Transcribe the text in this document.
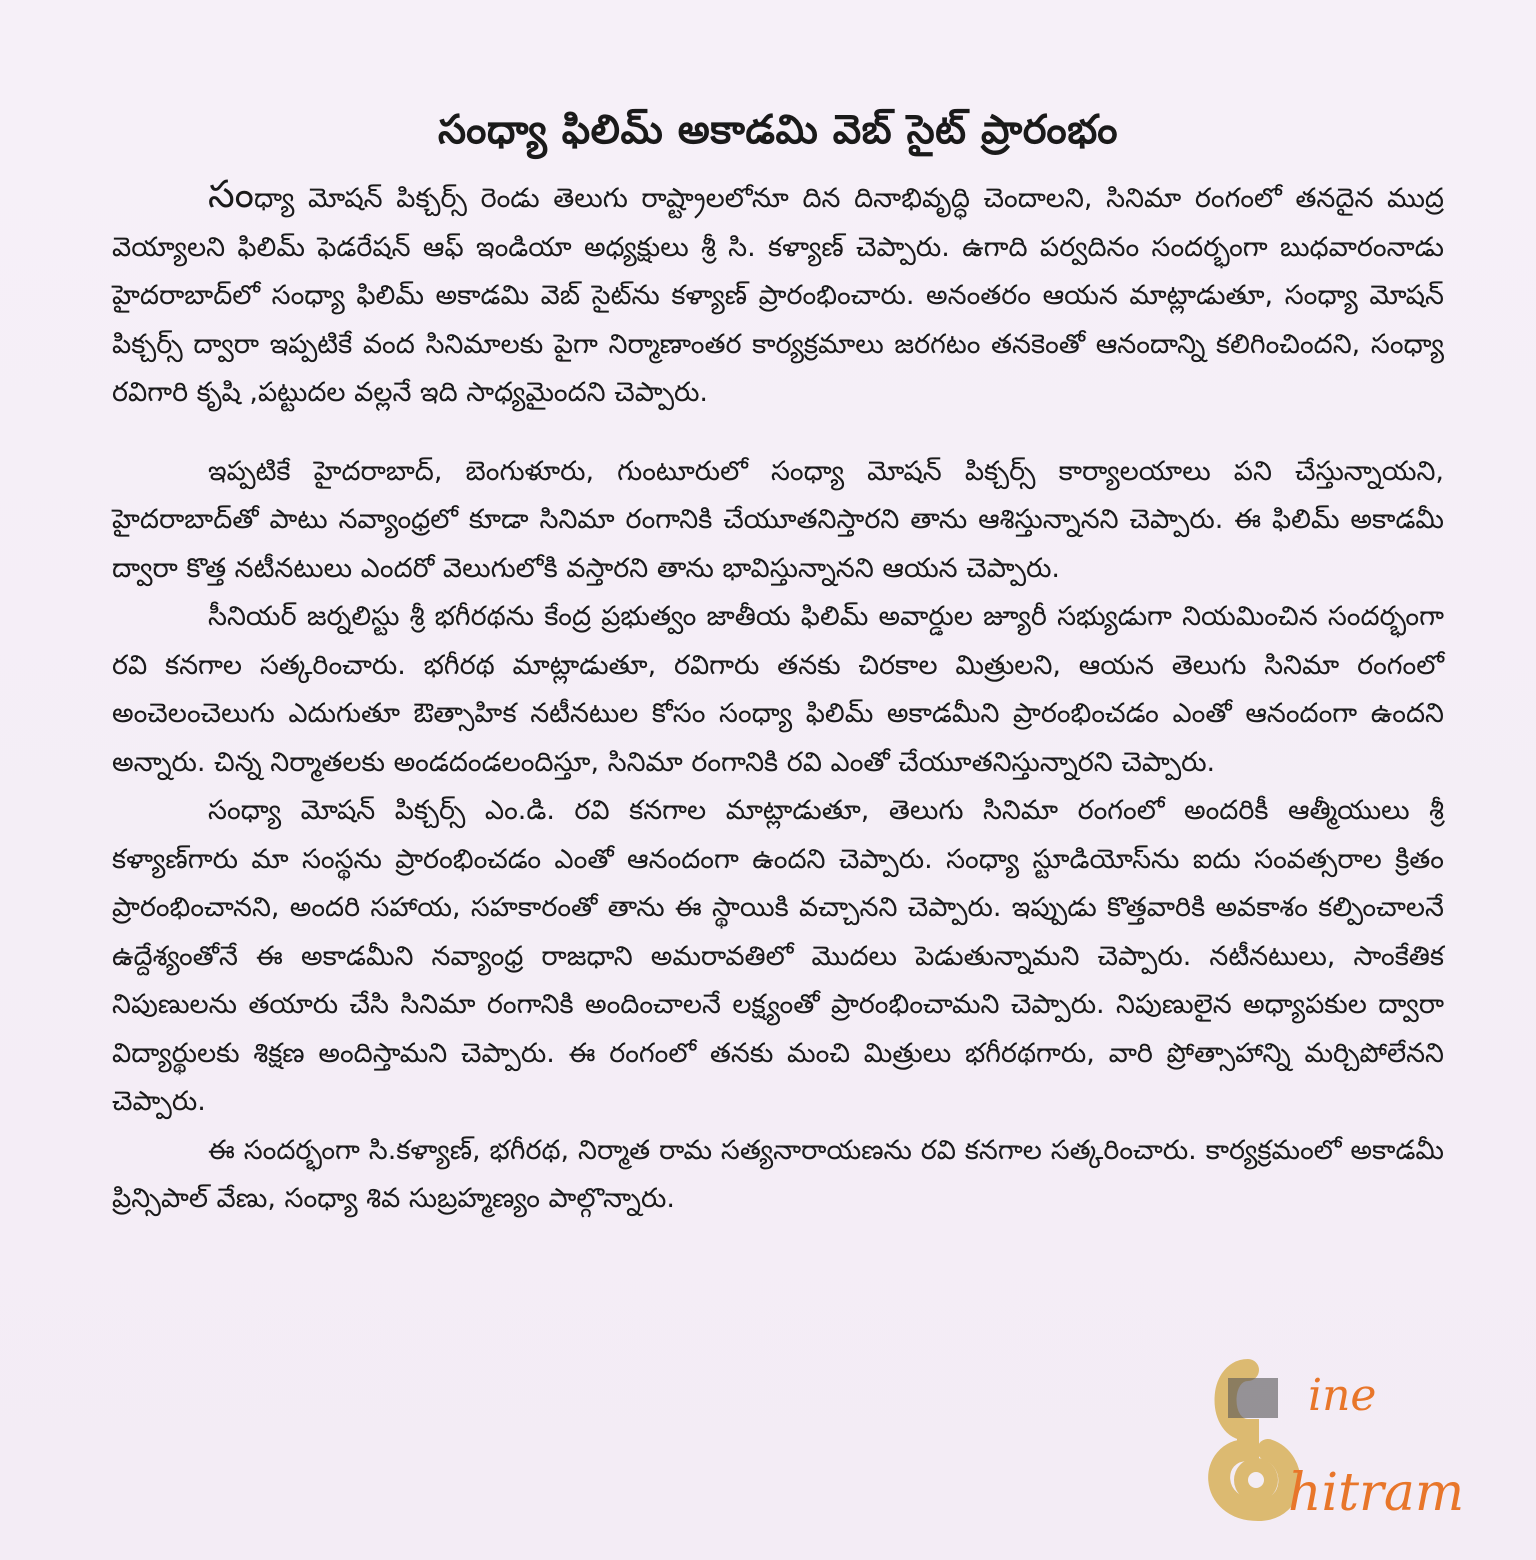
సంధ్యా ఫిలిమ్ అకాడమి వెబ్ సైట్ ప్రారంభం

సంధ్యా మోషన్ పిక్చర్స్ రెండు తెలుగు రాష్ట్రాలలోనూ దిన దినాభివృద్ధి చెందాలని, సినిమా రంగంలో తనదైన ముద్ర వెయ్యాలని ఫిలిమ్ ఫెడరేషన్ ఆఫ్ ఇండియా అధ్యక్షులు శ్రీ సి. కళ్యాణ్ చెప్పారు. ఉగాది పర్వదినం సందర్భంగా బుధవారంనాడు హైదరాబాద్‌లో సంధ్యా ఫిలిమ్ అకాడమి వెబ్ సైట్‌ను కళ్యాణ్ ప్రారంభించారు. అనంతరం ఆయన మాట్లాడుతూ, సంధ్యా మోషన్ పిక్చర్స్ ద్వారా ఇప్పటికే వంద సినిమాలకు పైగా నిర్మాణాంతర కార్యక్రమాలు జరగటం తనకెంతో ఆనందాన్ని కలిగించిందని, సంధ్యా రవిగారి కృషి ,పట్టుదల వల్లనే ఇది సాధ్యమైందని చెప్పారు.

ఇప్పటికే హైదరాబాద్, బెంగుళూరు, గుంటూరులో సంధ్యా మోషన్ పిక్చర్స్ కార్యాలయాలు పని చేస్తున్నాయని, హైదరాబాద్‌తో పాటు నవ్యాంధ్రలో కూడా సినిమా రంగానికి చేయూతనిస్తారని తాను ఆశిస్తున్నానని చెప్పారు. ఈ ఫిలిమ్ అకాడమీ ద్వారా కొత్త నటీనటులు ఎందరో వెలుగులోకి వస్తారని తాను భావిస్తున్నానని ఆయన చెప్పారు.

సీనియర్ జర్నలిస్టు శ్రీ భగీరథను కేంద్ర ప్రభుత్వం జాతీయ ఫిలిమ్ అవార్డుల జ్యూరీ సభ్యుడుగా నియమించిన సందర్భంగా రవి కనగాల సత్కరించారు. భగీరథ మాట్లాడుతూ, రవిగారు తనకు చిరకాల మిత్రులని, ఆయన తెలుగు సినిమా రంగంలో అంచెలంచెలుగు ఎదుగుతూ ఔత్సాహిక నటీనటుల కోసం సంధ్యా ఫిలిమ్ అకాడమీని ప్రారంభించడం ఎంతో ఆనందంగా ఉందని అన్నారు. చిన్న నిర్మాతలకు అండదండలందిస్తూ, సినిమా రంగానికి రవి ఎంతో చేయూతనిస్తున్నారని చెప్పారు.

సంధ్యా మోషన్ పిక్చర్స్ ఎం.డి. రవి కనగాల మాట్లాడుతూ, తెలుగు సినిమా రంగంలో అందరికీ ఆత్మీయులు శ్రీ కళ్యాణ్‌గారు మా సంస్థను ప్రారంభించడం ఎంతో ఆనందంగా ఉందని చెప్పారు. సంధ్యా స్టూడియోస్‌ను ఐదు సంవత్సరాల క్రితం ప్రారంభించానని, అందరి సహాయ, సహకారంతో తాను ఈ స్థాయికి వచ్చానని చెప్పారు. ఇప్పుడు కొత్తవారికి అవకాశం కల్పించాలనే ఉద్దేశ్యంతోనే ఈ అకాడమీని నవ్యాంధ్ర రాజధాని అమరావతిలో మొదలు పెడుతున్నామని చెప్పారు. నటీనటులు, సాంకేతిక నిపుణులను తయారు చేసి సినిమా రంగానికి అందించాలనే లక్ష్యంతో ప్రారంభించామని చెప్పారు. నిపుణులైన అధ్యాపకుల ద్వారా విద్యార్థులకు శిక్షణ అందిస్తామని చెప్పారు. ఈ రంగంలో తనకు మంచి మిత్రులు భగీరథగారు, వారి ప్రోత్సాహాన్ని మర్చిపోలేనని చెప్పారు.

ఈ సందర్భంగా సి.కళ్యాణ్, భగీరథ, నిర్మాత రామ సత్యనారాయణను రవి కనగాల సత్కరించారు. కార్యక్రమంలో అకాడమీ ప్రిన్సిపాల్ వేణు, సంధ్యా శివ సుబ్రహ్మణ్యం పాల్గొన్నారు.

ine
hitram
